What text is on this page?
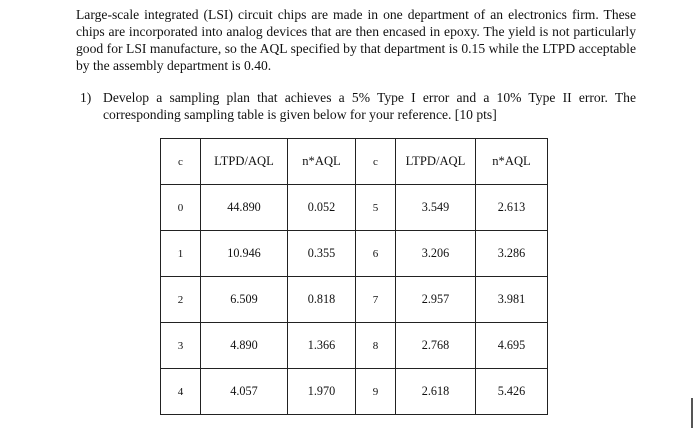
Large-scale integrated (LSI) circuit chips are made in one department of an electronics firm. These chips are incorporated into analog devices that are then encased in epoxy. The yield is not particularly good for LSI manufacture, so the AQL specified by that department is 0.15 while the LTPD acceptable by the assembly department is 0.40.

1) Develop a sampling plan that achieves a 5% Type I error and a 10% Type II error. The corresponding sampling table is given below for your reference. [10 pts]
c	LTPD/AQL	n*AQL	c	LTPD/AQL	n*AQL
0	44.890	0.052	5	3.549	2.613
1	10.946	0.355	6	3.206	3.286
2	6.509	0.818	7	2.957	3.981
3	4.890	1.366	8	2.768	4.695
4	4.057	1.970	9	2.618	5.426
